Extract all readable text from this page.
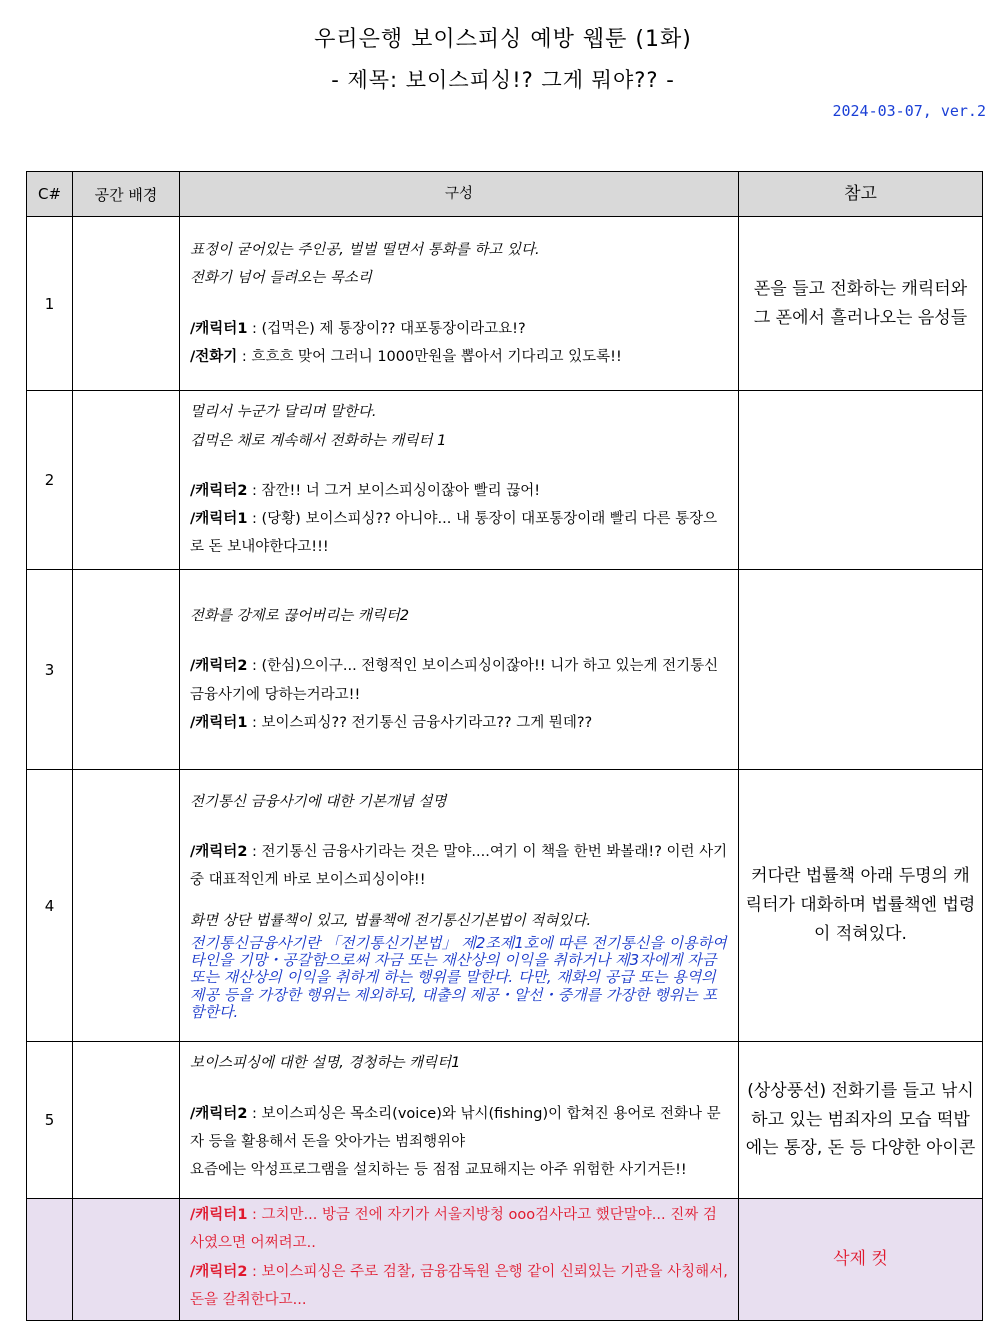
우리은행 보이스피싱 예방 웹툰 (1화)
- 제목: 보이스피싱!? 그게 뭐야?? -
2024-03-07, ver.2
C#	공간 배경	구성	참고
1		표정이 굳어있는 주인공, 벌벌 떨면서 통화를 하고 있다.
전화기 넘어 들려오는 목소리
/캐릭터1 : (겁먹은) 제 통장이?? 대포통장이라고요!?
/전화기 : 흐흐흐 맞어 그러니 1000만원을 뽑아서 기다리고 있도록!!	폰을 들고 전화하는 캐릭터와 그 폰에서 흘러나오는 음성들
2		멀리서 누군가 달리며 말한다.
겁먹은 채로 계속해서 전화하는 캐릭터 1
/캐릭터2 : 잠깐!! 너 그거 보이스피싱이잖아 빨리 끊어!
/캐릭터1 : (당황) 보이스피싱?? 아니야... 내 통장이 대포통장이래 빨리 다른 통장으로 돈 보내야한다고!!!	

3		전화를 강제로 끊어버리는 캐릭터2
/캐릭터2 : (한심)으이구... 전형적인 보이스피싱이잖아!! 니가 하고 있는게 전기통신 금융사기에 당하는거라고!!
/캐릭터1 : 보이스피싱?? 전기통신 금융사기라고?? 그게 뭔데??	

4		전기통신 금융사기에 대한 기본개념 설명
/캐릭터2 : 전기통신 금융사기라는 것은 말야....여기 이 책을 한번 봐볼래!? 이런 사기 중 대표적인게 바로 보이스피싱이야!!
화면 상단 법률책이 있고, 법률책에 전기통신기본법이 적혀있다.
전기통신금융사기란 「전기통신기본법」 제2조제1호에 따른 전기통신을 이용하여 타인을 기망・공갈함으로써 자금 또는 재산상의 이익을 취하거나 제3자에게 자금 또는 재산상의 이익을 취하게 하는 행위를 말한다. 다만, 재화의 공급 또는 용역의 제공 등을 가장한 행위는 제외하되, 대출의 제공・알선・중개를 가장한 행위는 포함한다.	커다란 법률책 아래 두명의 캐릭터가 대화하며 법률책엔 법령이 적혀있다.
5		보이스피싱에 대한 설명, 경청하는 캐릭터1
/캐릭터2 : 보이스피싱은 목소리(voice)와 낚시(fishing)이 합쳐진 용어로 전화나 문자 등을 활용해서 돈을 앗아가는 범죄행위야
요즘에는 악성프로그램을 설치하는 등 점점 교묘해지는 아주 위험한 사기거든!!	(상상풍선) 전화기를 들고 낚시하고 있는 범죄자의 모습 떡밥에는 통장, 돈 등 다양한 아이콘

		/캐릭터1 : 그치만... 방금 전에 자기가 서울지방청 ooo검사라고 했단말야... 진짜 검사였으면 어쩌려고..
/캐릭터2 : 보이스피싱은 주로 검찰, 금융감독원 은행 같이 신뢰있는 기관을 사칭해서, 돈을 갈취한다고...	삭제 컷
